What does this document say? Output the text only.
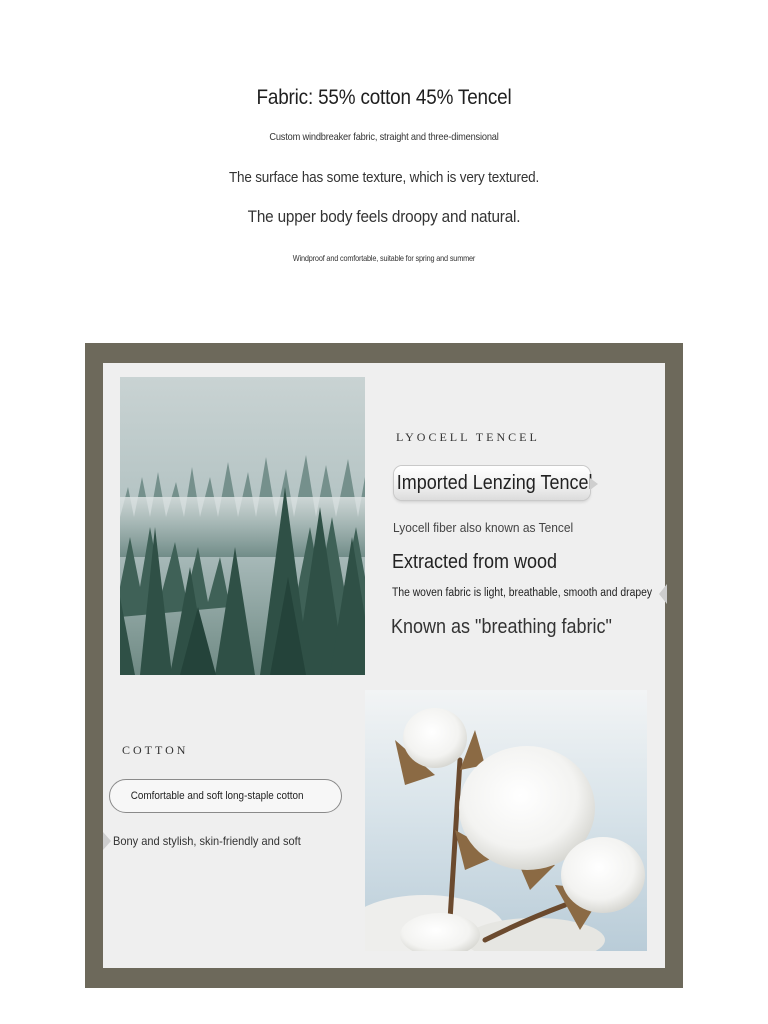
Fabric: 55% cotton 45% Tencel
Custom windbreaker fabric, straight and three-dimensional
The surface has some texture, which is very textured.
The upper body feels droopy and natural.
Windproof and comfortable, suitable for spring and summer
LYOCELL TENCEL
Imported Lenzing Tencel
Lyocell fiber also known as Tencel
Extracted from wood
The woven fabric is light, breathable, smooth and drapey
Known as "breathing fabric"
COTTON
Comfortable and soft long-staple cotton
Bony and stylish, skin-friendly and soft
